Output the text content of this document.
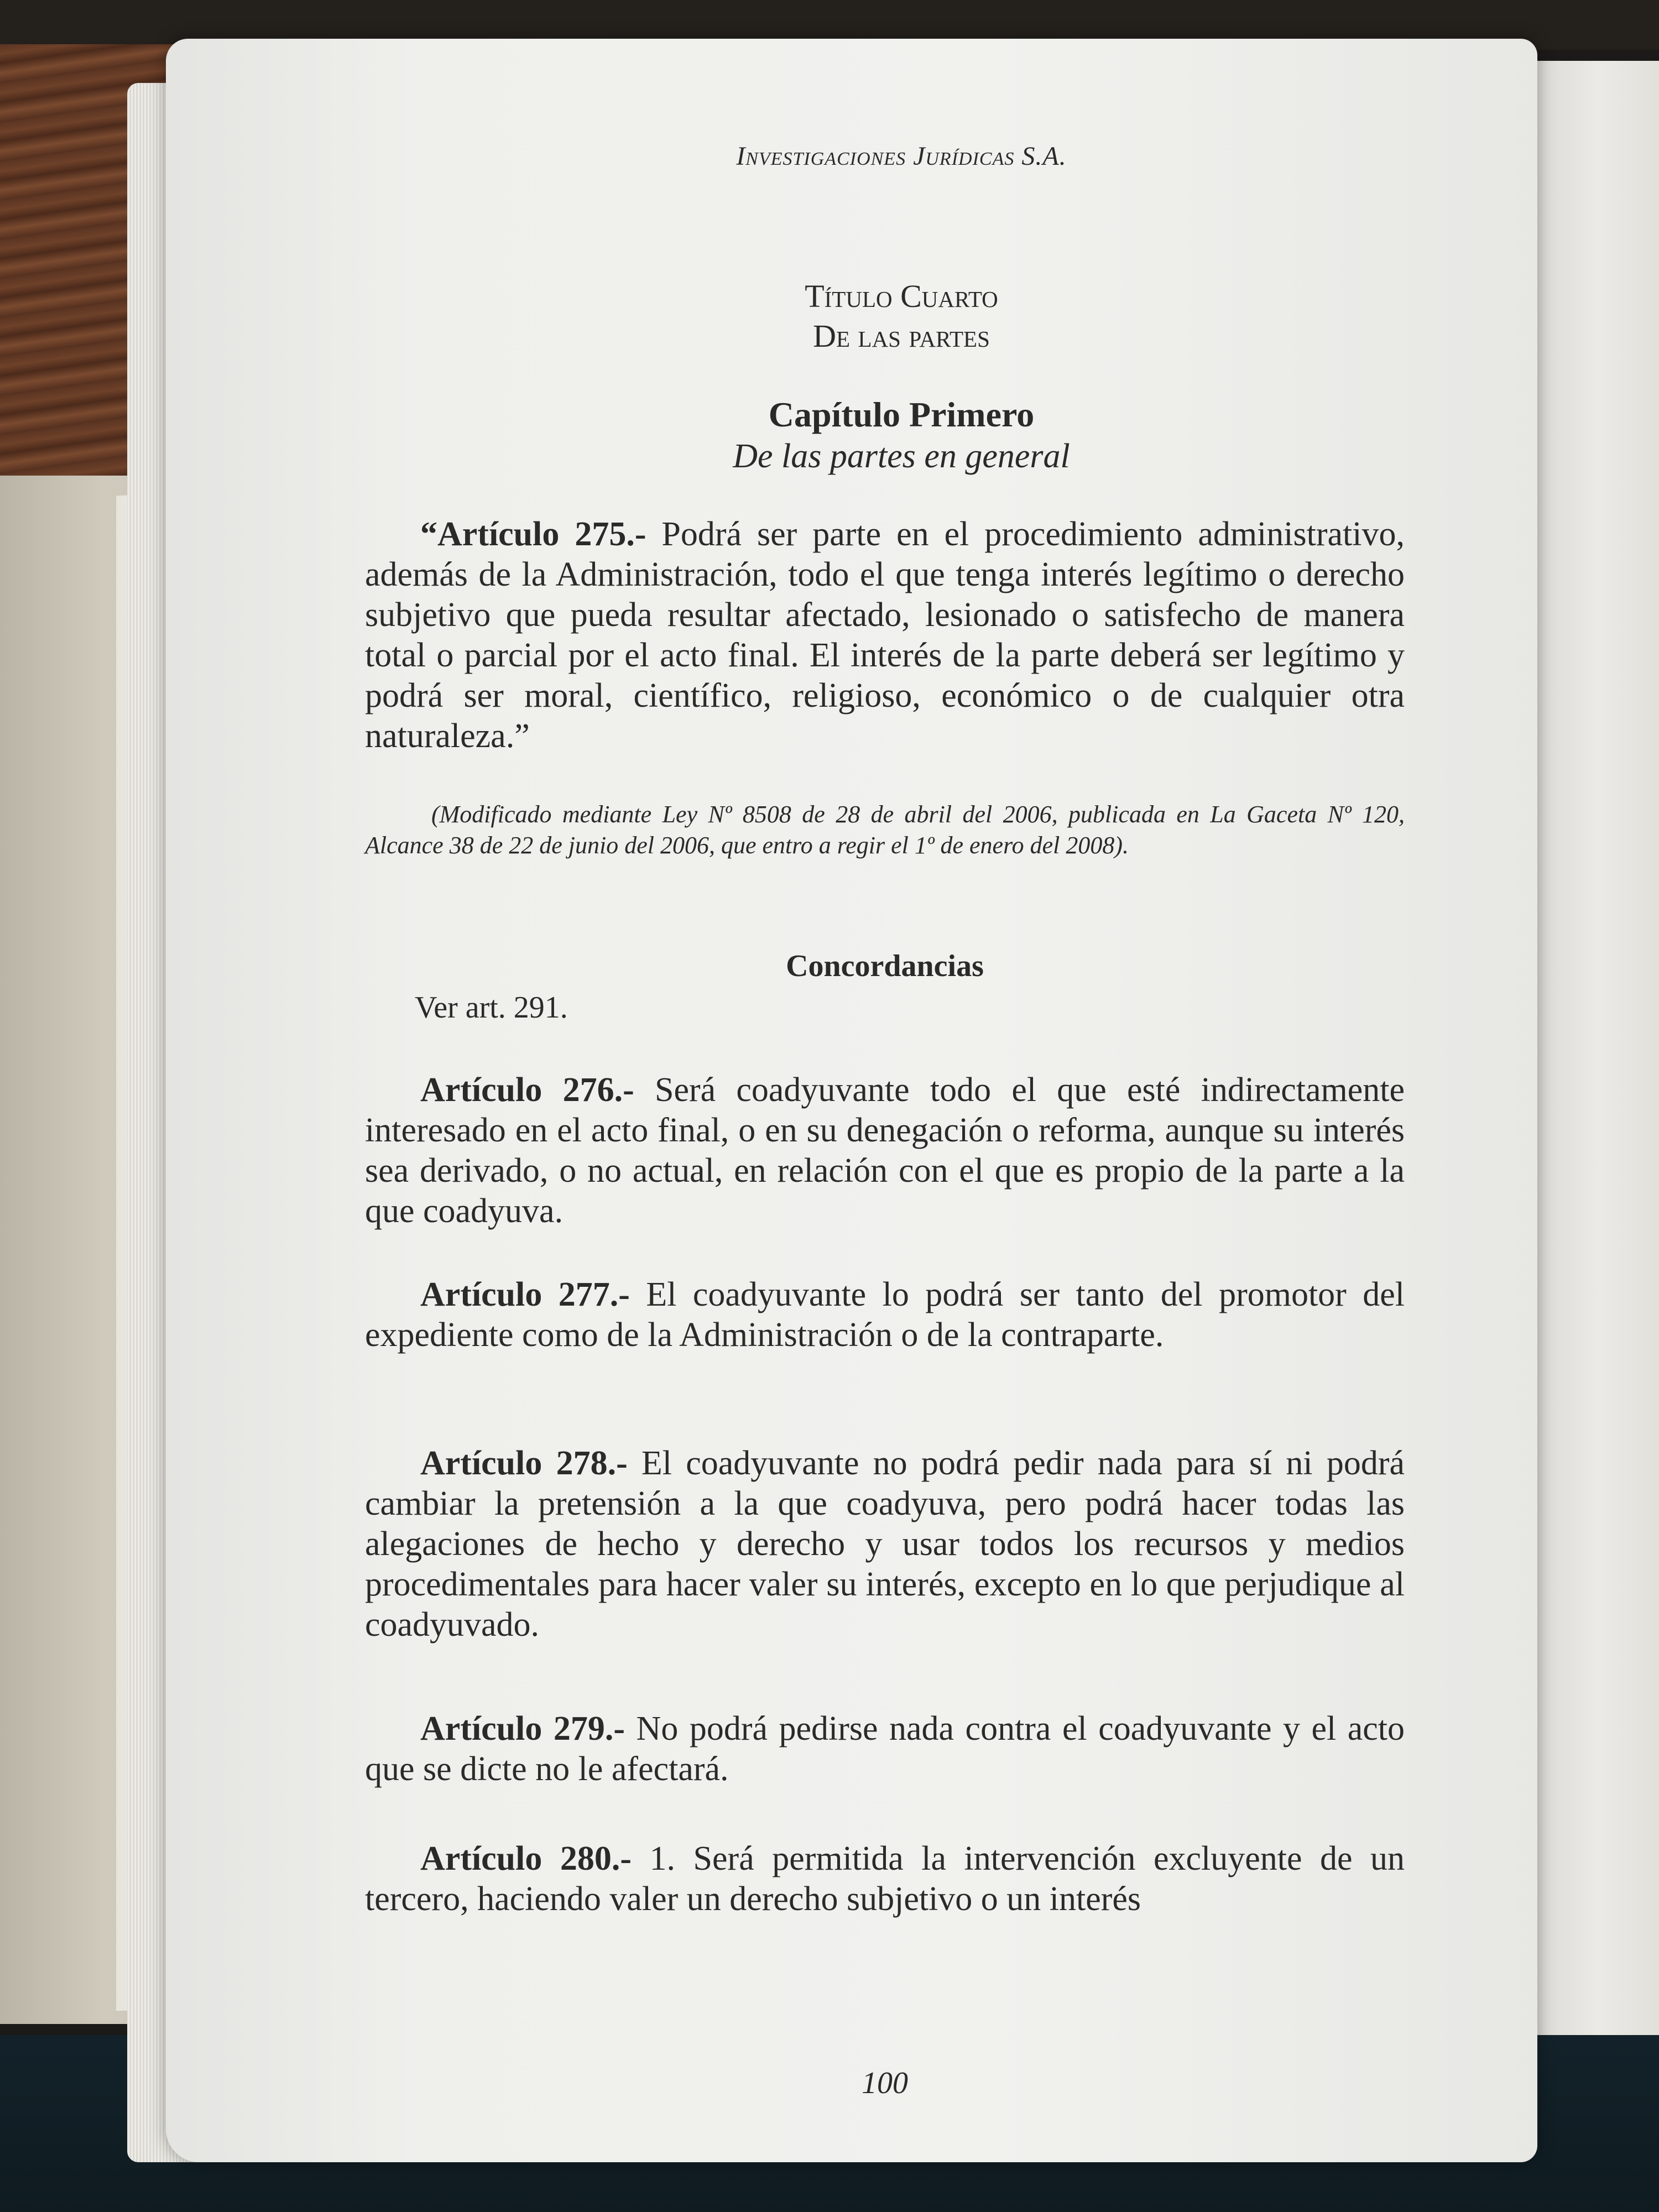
Investigaciones Jurídicas S.A.
Título Cuarto
De las partes
Capítulo Primero
De las partes en general
“Artículo 275.- Podrá ser parte en el procedimiento administrativo, además de la Administración, todo el que tenga interés legítimo o derecho subjetivo que pueda resultar afectado, lesionado o satisfecho de manera total o parcial por el acto final. El interés de la parte deberá ser legítimo y podrá ser moral, científico, religioso, económico o de cualquier otra naturaleza.”
(Modificado mediante Ley Nº 8508 de 28 de abril del 2006, publicada en La Gaceta Nº 120, Alcance 38 de 22 de junio del 2006, que entro a regir el 1º de enero del 2008).
Concordancias
Ver art. 291.
Artículo 276.- Será coadyuvante todo el que esté indirectamente interesado en el acto final, o en su denegación o reforma, aunque su interés sea derivado, o no actual, en relación con el que es propio de la parte a la que coadyuva.
Artículo 277.- El coadyuvante lo podrá ser tanto del promotor del expediente como de la Administración o de la contraparte.
Artículo 278.- El coadyuvante no podrá pedir nada para sí ni podrá cambiar la pretensión a la que coadyuva, pero podrá hacer todas las alegaciones de hecho y derecho y usar todos los recursos y medios procedimentales para hacer valer su interés, excepto en lo que perjudique al coadyuvado.
Artículo 279.- No podrá pedirse nada contra el coadyuvante y el acto que se dicte no le afectará.
Artículo 280.- 1. Será permitida la intervención excluyente de un tercero, haciendo valer un derecho subjetivo o un interés
100
